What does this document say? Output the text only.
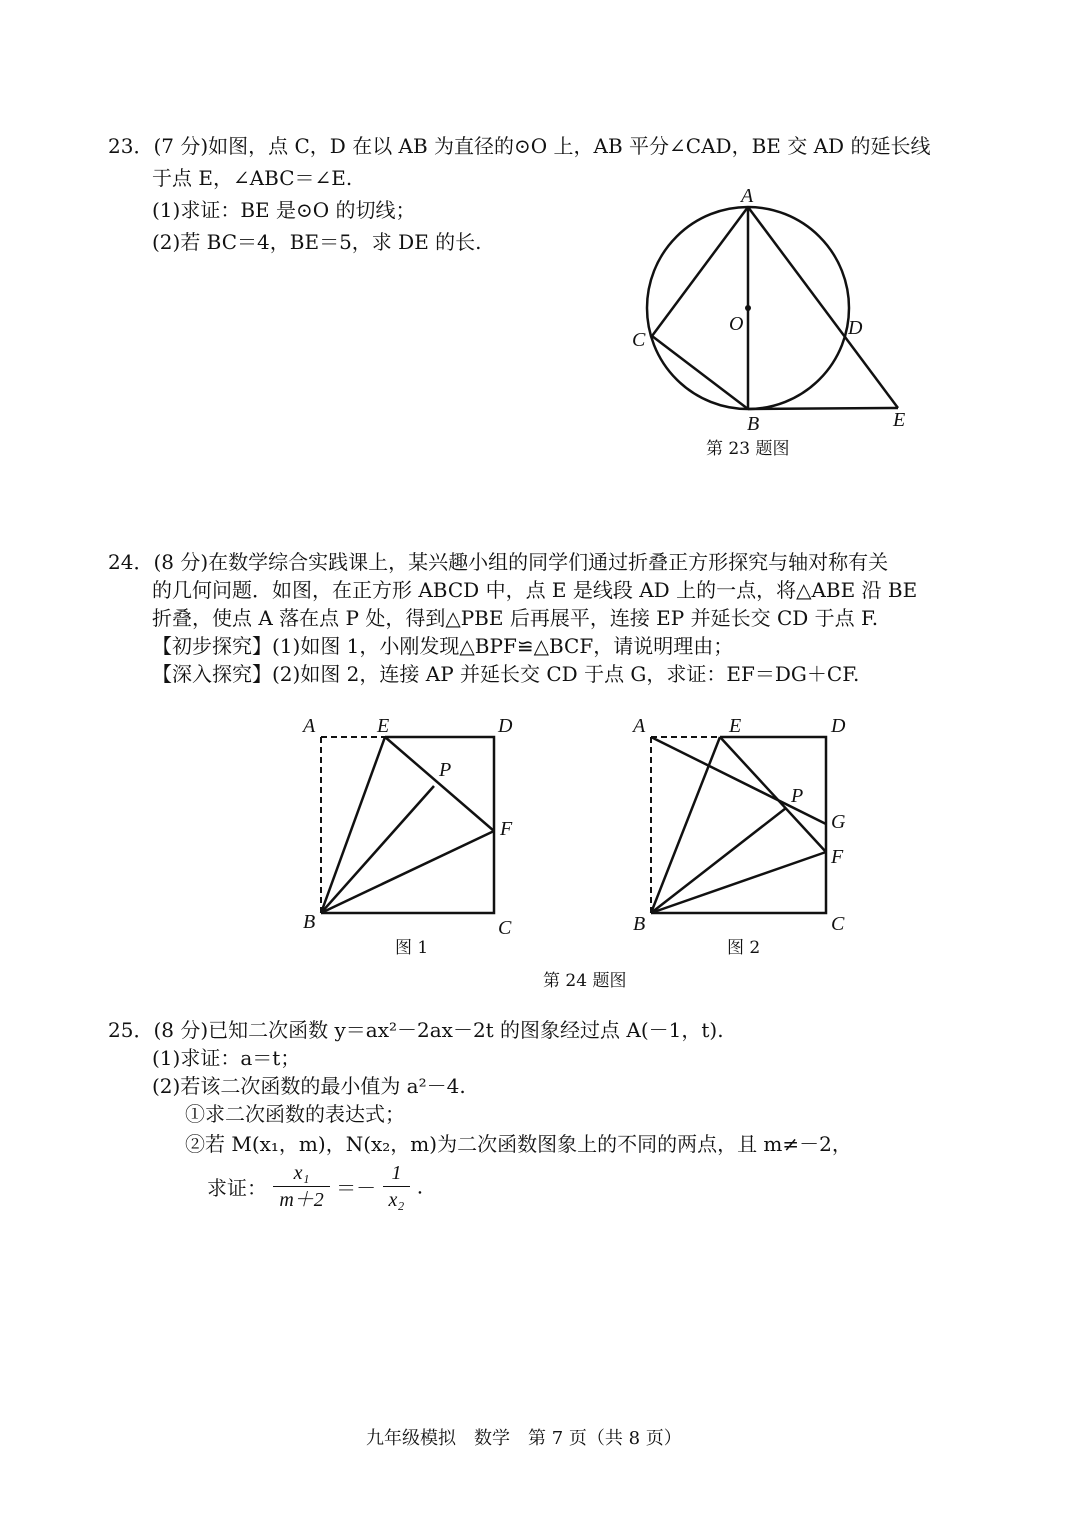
23．(7 分)如图，点 C，D 在以 AB 为直径的⊙O 上，AB 平分∠CAD，BE 交 AD 的延长线
于点 E，∠ABC＝∠E.
(1)求证：BE 是⊙O 的切线；
(2)若 BC＝4，BE＝5，求 DE 的长.
A
O
C
D
B	E
第 23 题图
24．(8 分)在数学综合实践课上，某兴趣小组的同学们通过折叠正方形探究与轴对称有关
的几何问题．如图，在正方形 ABCD 中，点 E 是线段 AD 上的一点，将△ABE 沿 BE
折叠，使点 A 落在点 P 处，得到△PBE 后再展平，连接 EP 并延长交 CD 于点 F.
【初步探究】(1)如图 1，小刚发现△BPF≌△BCF，请说明理由；
【深入探究】(2)如图 2，连接 AP 并延长交 CD 于点 G，求证：EF＝DG＋CF.
A	E	D
P
F
B	C
图 1
A	E	D
P
G
F
B	C
图 2
第 24 题图
25．(8 分)已知二次函数 y＝ax²－2ax－2t 的图象经过点 A(－1，t).
(1)求证：a＝t；
(2)若该二次函数的最小值为 a²－4.
①求二次函数的表达式；
②若 M(x₁，m)，N(x₂，m)为二次函数图象上的不同的两点，且 m≠－2，
求证： $\frac{\text{x₁}}{m+2} =- \frac{1}{\text{x₂}}$ .
九年级模拟　数学　第 7 页（共 8 页）
